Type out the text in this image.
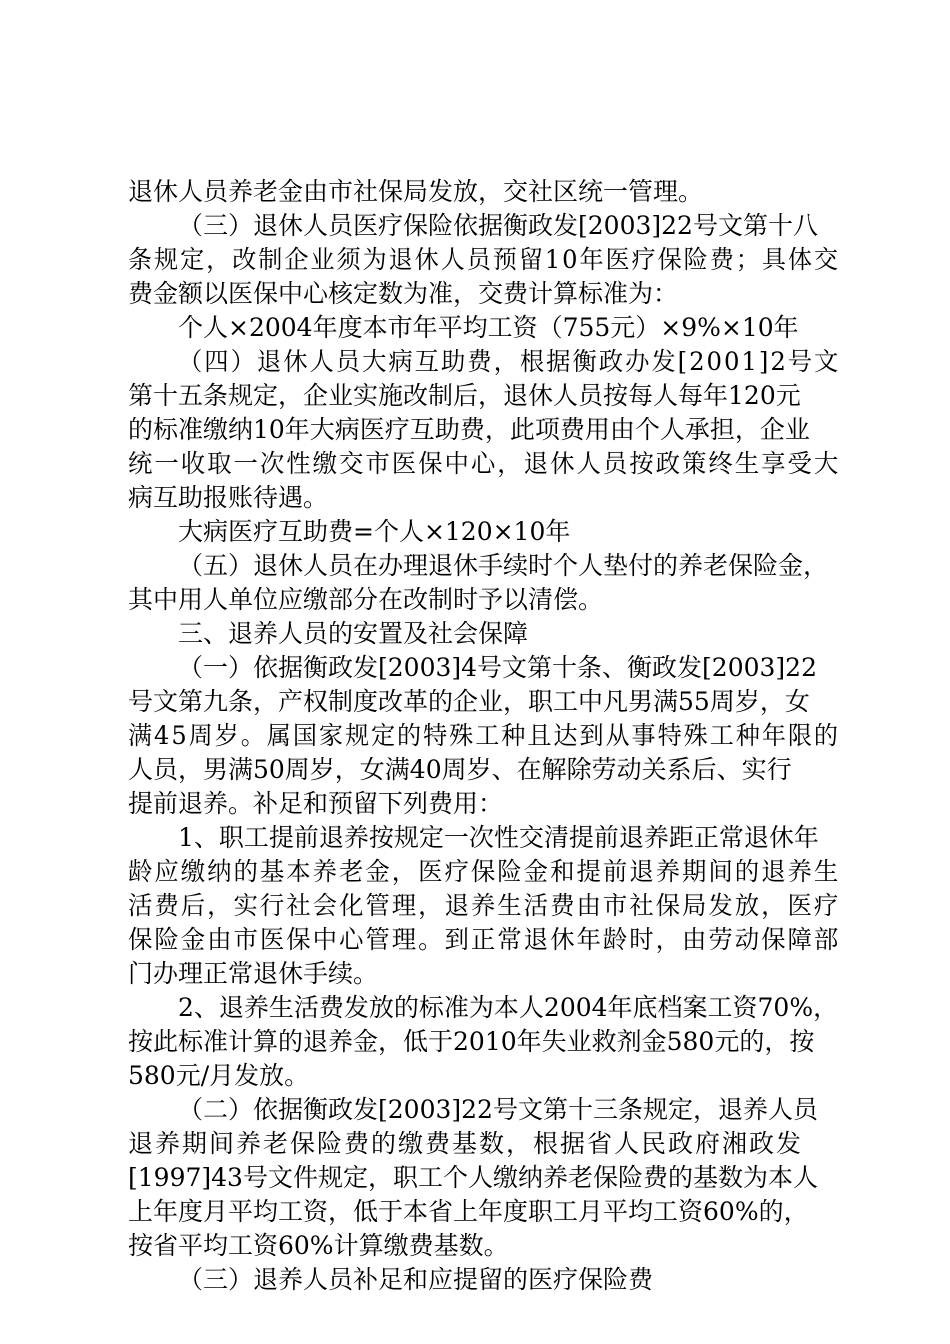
退休人员养老金由市社保局发放，交社区统一管理。
（三）退休人员医疗保险依据衡政发[2003]22号文第十八
条规定，改制企业须为退休人员预留10年医疗保险费；具体交
费金额以医保中心核定数为准，交费计算标准为：
个人×2004年度本市年平均工资（755元）×9%×10年
（四）退休人员大病互助费，根据衡政办发[2001]2号文
第十五条规定，企业实施改制后，退休人员按每人每年120元
的标准缴纳10年大病医疗互助费，此项费用由个人承担，企业
统一收取一次性缴交市医保中心，退休人员按政策终生享受大
病互助报账待遇。
大病医疗互助费=个人×120×10年
（五）退休人员在办理退休手续时个人垫付的养老保险金，
其中用人单位应缴部分在改制时予以清偿。
三、退养人员的安置及社会保障
（一）依据衡政发[2003]4号文第十条、衡政发[2003]22
号文第九条，产权制度改革的企业，职工中凡男满55周岁，女
满45周岁。属国家规定的特殊工种且达到从事特殊工种年限的
人员，男满50周岁，女满40周岁、在解除劳动关系后、实行
提前退养。补足和预留下列费用：
1、职工提前退养按规定一次性交清提前退养距正常退休年
龄应缴纳的基本养老金，医疗保险金和提前退养期间的退养生
活费后，实行社会化管理，退养生活费由市社保局发放，医疗
保险金由市医保中心管理。到正常退休年龄时，由劳动保障部
门办理正常退休手续。
2、退养生活费发放的标准为本人2004年底档案工资70%，
按此标准计算的退养金，低于2010年失业救剂金580元的，按
580元/月发放。
（二）依据衡政发[2003]22号文第十三条规定，退养人员
退养期间养老保险费的缴费基数，根据省人民政府湘政发
[1997]43号文件规定，职工个人缴纳养老保险费的基数为本人
上年度月平均工资，低于本省上年度职工月平均工资60%的，
按省平均工资60%计算缴费基数。
（三）退养人员补足和应提留的医疗保险费
